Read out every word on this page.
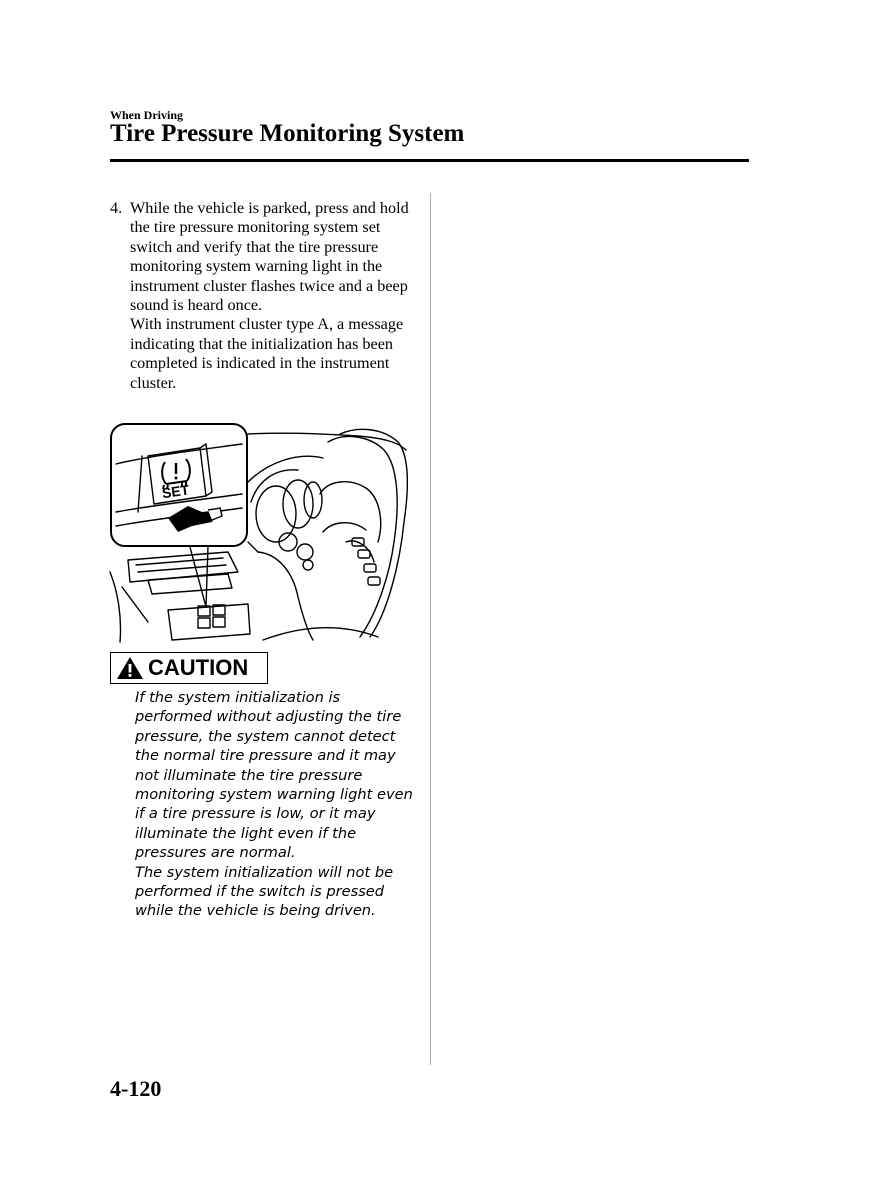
When Driving
Tire Pressure Monitoring System
4. While the vehicle is parked, press and hold the tire pressure monitoring system set switch and verify that the tire pressure monitoring system warning light in the instrument cluster flashes twice and a beep sound is heard once.

With instrument cluster type A, a message indicating that the initialization has been completed is indicated in the instrument cluster.

SET
CAUTION

If the system initialization is performed without adjusting the tire pressure, the system cannot detect the normal tire pressure and it may not illuminate the tire pressure monitoring system warning light even if a tire pressure is low, or it may illuminate the light even if the pressures are normal.

The system initialization will not be performed if the switch is pressed while the vehicle is being driven.

4-120
